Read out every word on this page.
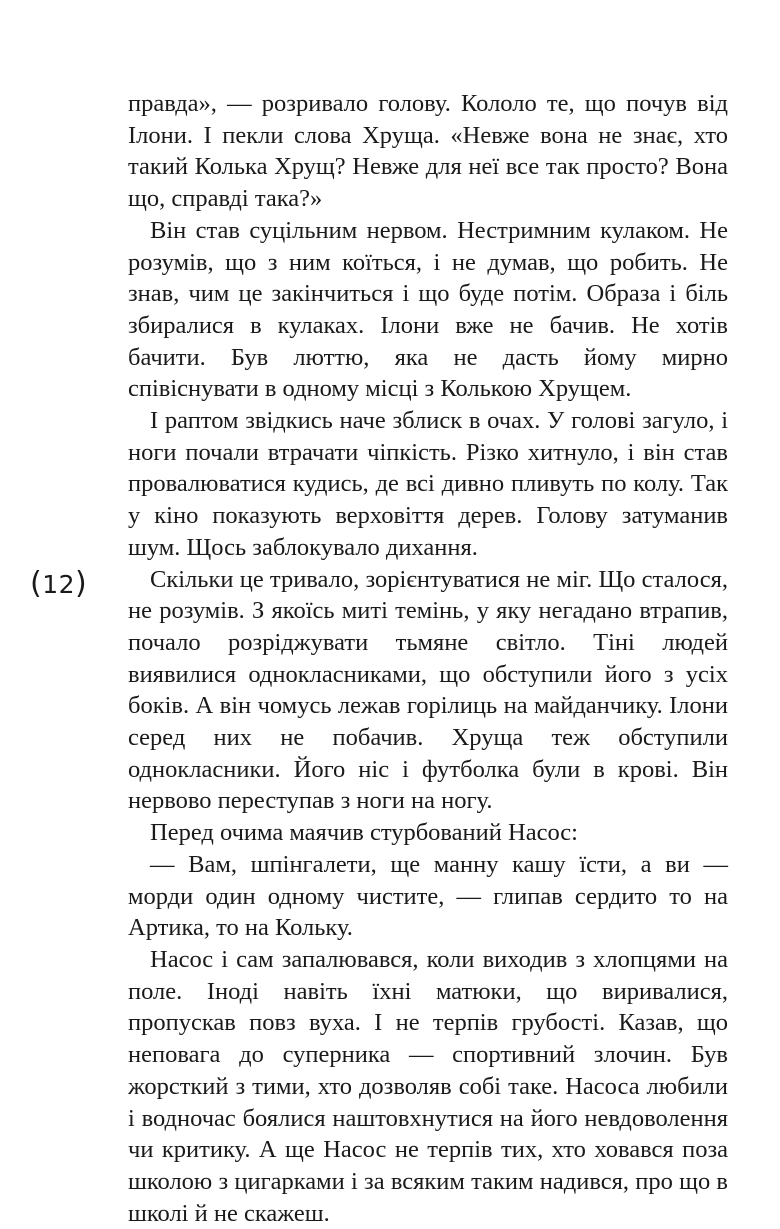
правда», — розривало голову. Кололо те, що почув від Ілони. І пекли слова Хруща. «Невже вона не знає, хто такий Колька Хрущ? Невже для неї все так просто? Вона що, справді така?»

Він став суцільним нервом. Нестримним кулаком. Не розумів, що з ним коїться, і не думав, що робить. Не знав, чим це закінчиться і що буде потім. Образа і біль збиралися в кулаках. Ілони вже не бачив. Не хотів бачити. Був люттю, яка не дасть йому мирно співіснувати в одному місці з Колькою Хрущем.

І раптом звідкись наче зблиск в очах. У голові загуло, і ноги почали втрачати чіпкість. Різко хитнуло, і він став провалюватися кудись, де всі дивно пливуть по колу. Так у кіно показують верховіття дерев. Голову затуманив шум. Щось заблокувало дихання.

Скільки це тривало, зорієнтуватися не міг. Що сталося, не розумів. З якоїсь миті темінь, у яку негадано втрапив, почало розріджувати тьмяне світло. Тіні людей виявилися однокласниками, що обступили його з усіх боків. А він чомусь лежав горілиць на майданчику. Ілони серед них не побачив. Хруща теж обступили однокласники. Його ніс і футболка були в крові. Він нервово переступав з ноги на ногу.

Перед очима маячив стурбований Насос:

— Вам, шпінгалети, ще манну кашу їсти, а ви — морди один одному чистите, — глипав сердито то на Артика, то на Кольку.

Насос і сам запалювався, коли виходив з хлопцями на поле. Іноді навіть їхні матюки, що виривалися, пропускав повз вуха. І не терпів грубості. Казав, що неповага до суперника — спортивний злочин. Був жорсткий з тими, хто дозволяв собі таке. Насоса любили і водночас боялися наштовхнутися на його невдоволення чи критику. А ще Насос не терпів тих, хто ховався поза школою з цигарками і за всяким таким надився, про що в школі й не скажеш.

(12)
